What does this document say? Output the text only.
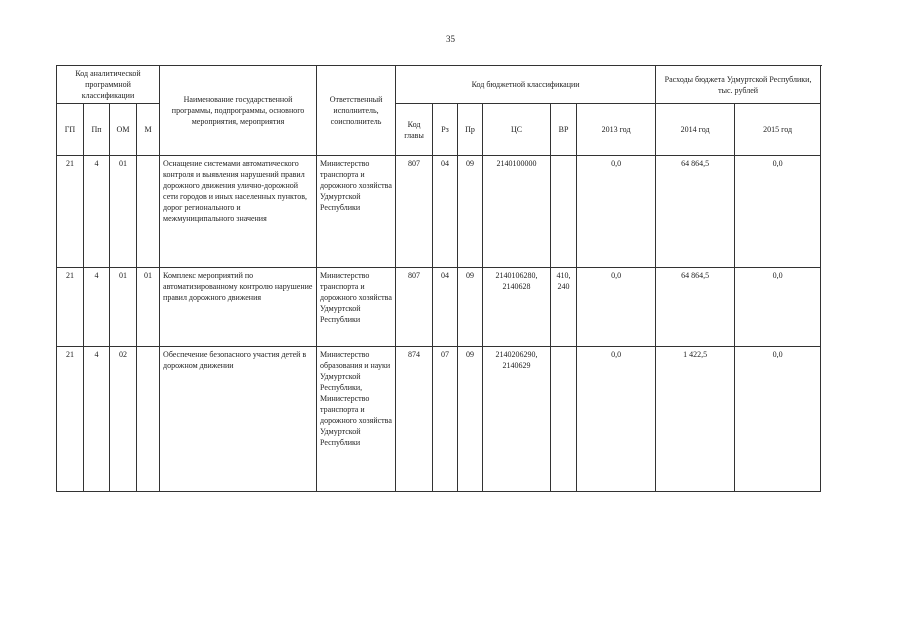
35
Код аналитической программной классификации				Наименование государственной программы, подпрограммы, основного мероприятия, мероприятия	Ответственный исполнитель, соисполнитель	Код бюджетной классификации						Расходы бюджета Удмуртской Республики, тыс. рублей	
ГП	Пп	ОМ	М			Код главы	Рз	Пр	ЦС	ВР	2013 год	2014 год	2015 год
21	4	01		Оснащение системами автоматического контроля и выявления нарушений правил дорожного движения улично-дорожной сети городов и иных населенных пунктов, дорог регионального и межмуниципального значения	Министерство транспорта и дорожного хозяйства Удмуртской Республики	807	04	09	2140100000		0,0	64 864,5	0,0
21	4	01	01	Комплекс мероприятий по автоматизированному контролю нарушение правил дорожного движения	Министерство транспорта и дорожного хозяйства Удмуртской Республики	807	04	09	2140106280, 2140628	410, 240	0,0	64 864,5	0,0
21	4	02		Обеспечение безопасного участия детей в дорожном движении	Министерство образования и науки Удмуртской Республики, Министерство транспорта и дорожного хозяйства Удмуртской Республики	874	07	09	2140206290, 2140629		0,0	1 422,5	0,0
